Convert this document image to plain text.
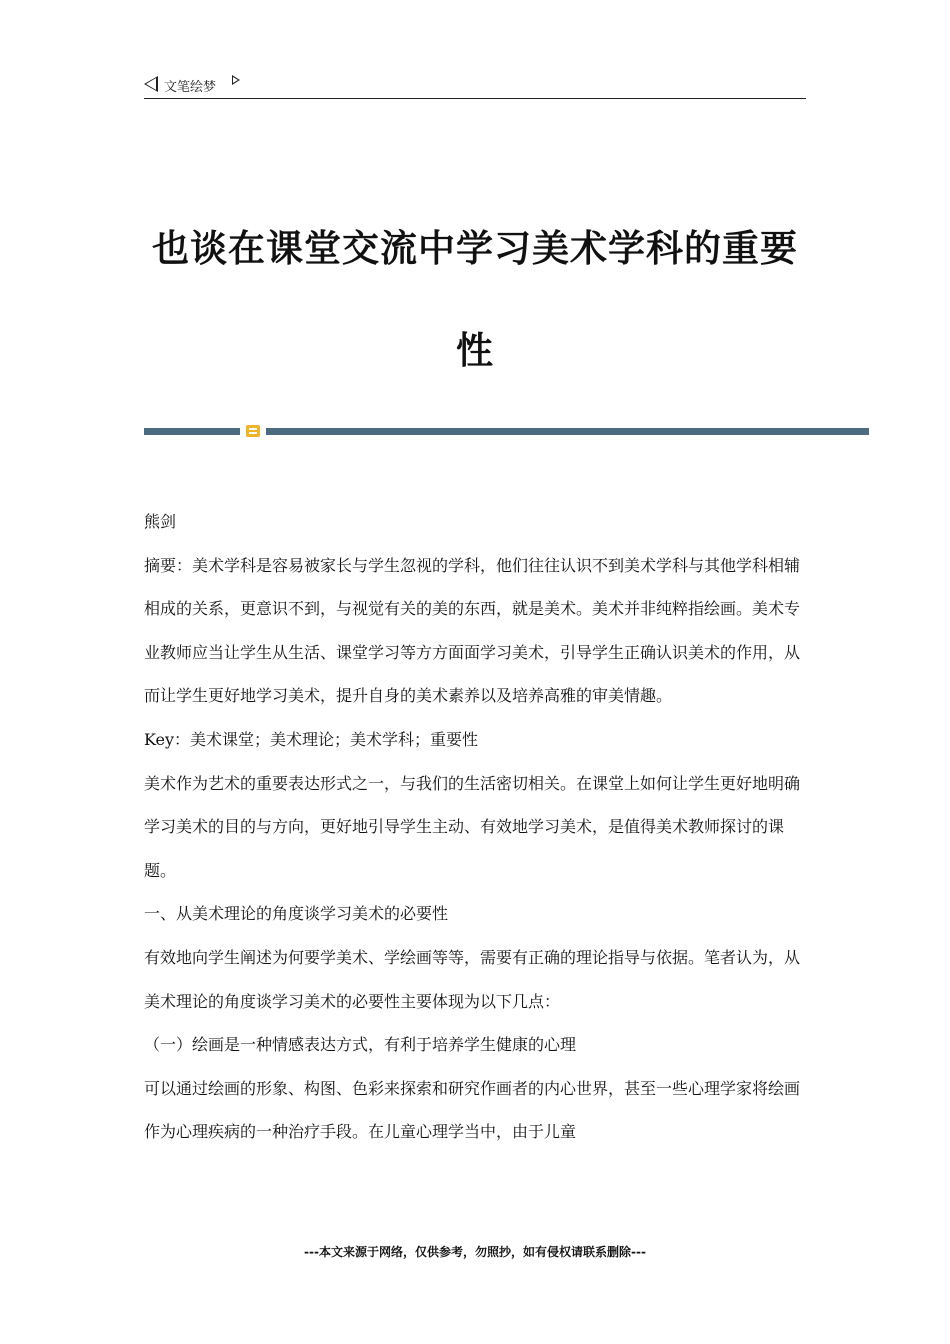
文笔绘梦
也谈在课堂交流中学习美术学科的重要性

熊剑

摘要：美术学科是容易被家长与学生忽视的学科，他们往往认识不到美术学科与其他学科相辅相成的关系，更意识不到，与视觉有关的美的东西，就是美术。美术并非纯粹指绘画。美术专业教师应当让学生从生活、课堂学习等方方面面学习美术，引导学生正确认识美术的作用，从而让学生更好地学习美术，提升自身的美术素养以及培养高雅的审美情趣。

Key：美术课堂；美术理论；美术学科；重要性

美术作为艺术的重要表达形式之一，与我们的生活密切相关。在课堂上如何让学生更好地明确学习美术的目的与方向，更好地引导学生主动、有效地学习美术，是值得美术教师探讨的课题。

一、从美术理论的角度谈学习美术的必要性

有效地向学生阐述为何要学美术、学绘画等等，需要有正确的理论指导与依据。笔者认为，从美术理论的角度谈学习美术的必要性主要体现为以下几点：

（一）绘画是一种情感表达方式，有利于培养学生健康的心理

可以通过绘画的形象、构图、色彩来探索和研究作画者的内心世界，甚至一些心理学家将绘画作为心理疾病的一种治疗手段。在儿童心理学当中，由于儿童

---本文来源于网络，仅供参考，勿照抄，如有侵权请联系删除---
